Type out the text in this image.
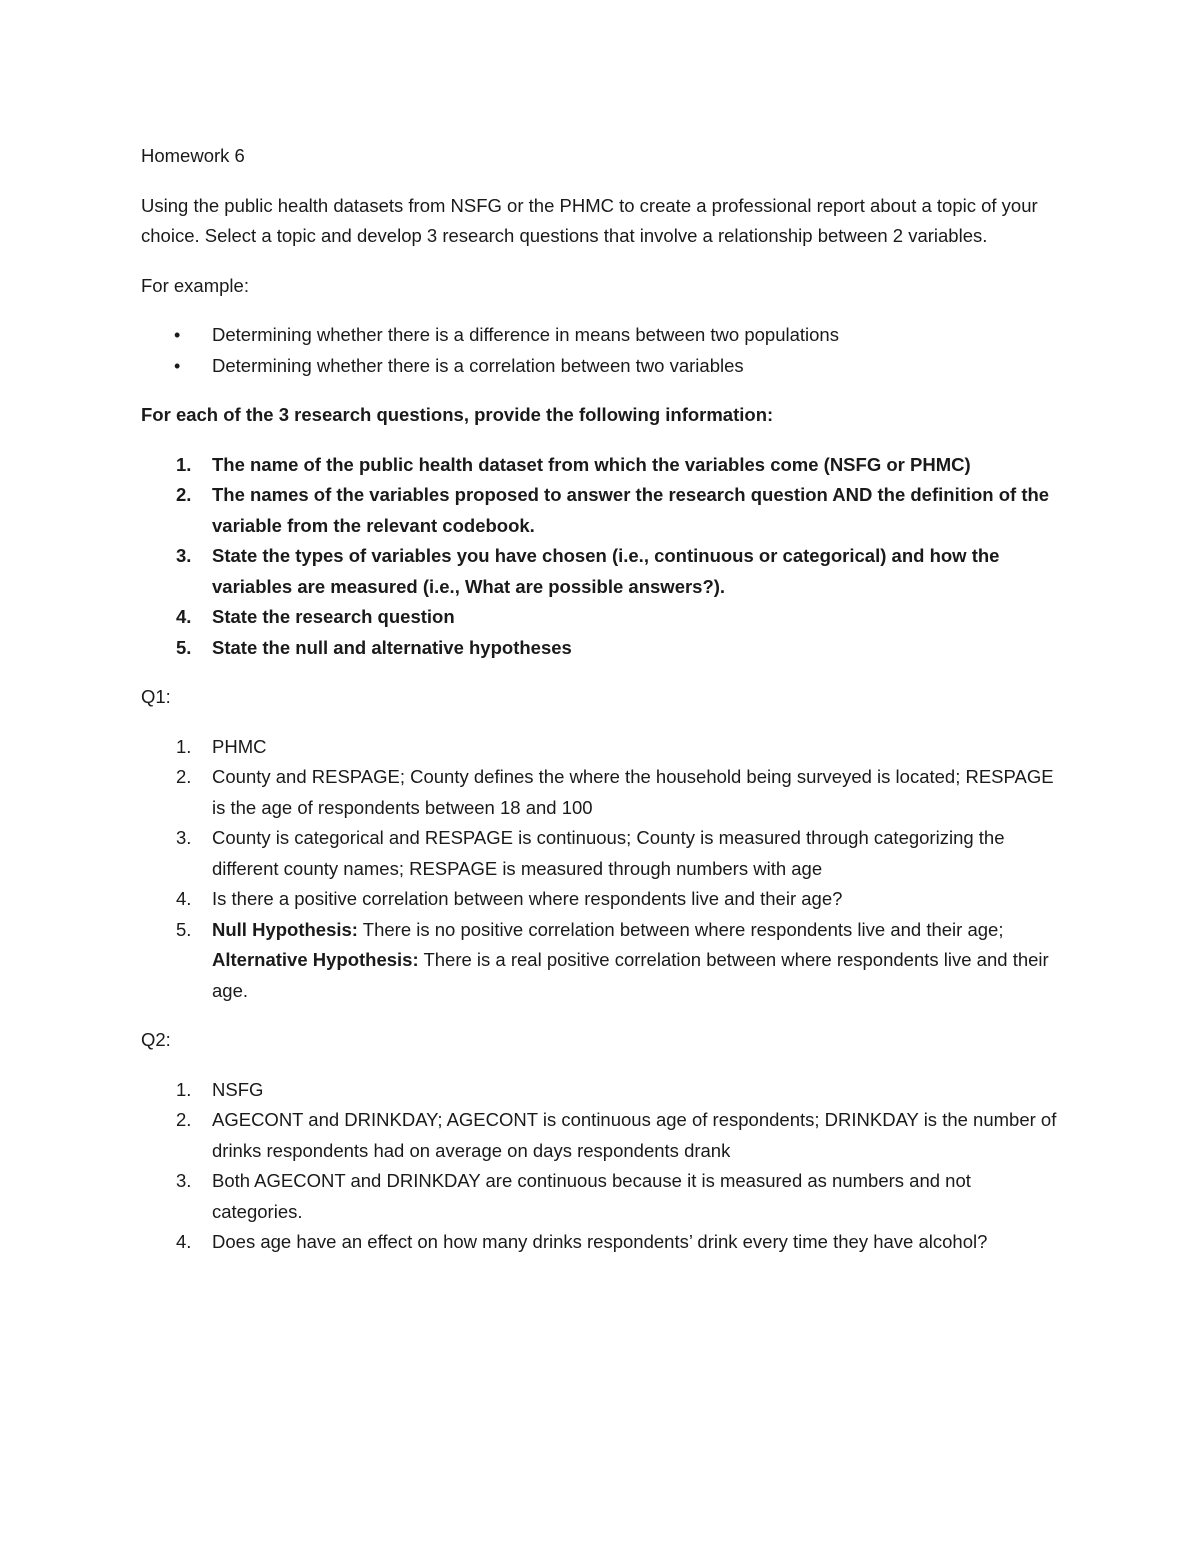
Homework 6

Using the public health datasets from NSFG or the PHMC to create a professional report about a topic of your choice. Select a topic and develop 3 research questions that involve a relationship between 2 variables.

For example:

• Determining whether there is a difference in means between two populations
• Determining whether there is a correlation between two variables

For each of the 3 research questions, provide the following information:

1. The name of the public health dataset from which the variables come (NSFG or PHMC)
2. The names of the variables proposed to answer the research question AND the definition of the variable from the relevant codebook.
3. State the types of variables you have chosen (i.e., continuous or categorical) and how the variables are measured (i.e., What are possible answers?).
4. State the research question
5. State the null and alternative hypotheses

Q1:

1. PHMC
2. County and RESPAGE; County defines the where the household being surveyed is located; RESPAGE is the age of respondents between 18 and 100
3. County is categorical and RESPAGE is continuous; County is measured through categorizing the different county names; RESPAGE is measured through numbers with age
4. Is there a positive correlation between where respondents live and their age?
5. Null Hypothesis: There is no positive correlation between where respondents live and their age; Alternative Hypothesis: There is a real positive correlation between where respondents live and their age.

Q2:

1. NSFG
2. AGECONT and DRINKDAY; AGECONT is continuous age of respondents; DRINKDAY is the number of drinks respondents had on average on days respondents drank
3. Both AGECONT and DRINKDAY are continuous because it is measured as numbers and not categories.
4. Does age have an effect on how many drinks respondents’ drink every time they have alcohol?
